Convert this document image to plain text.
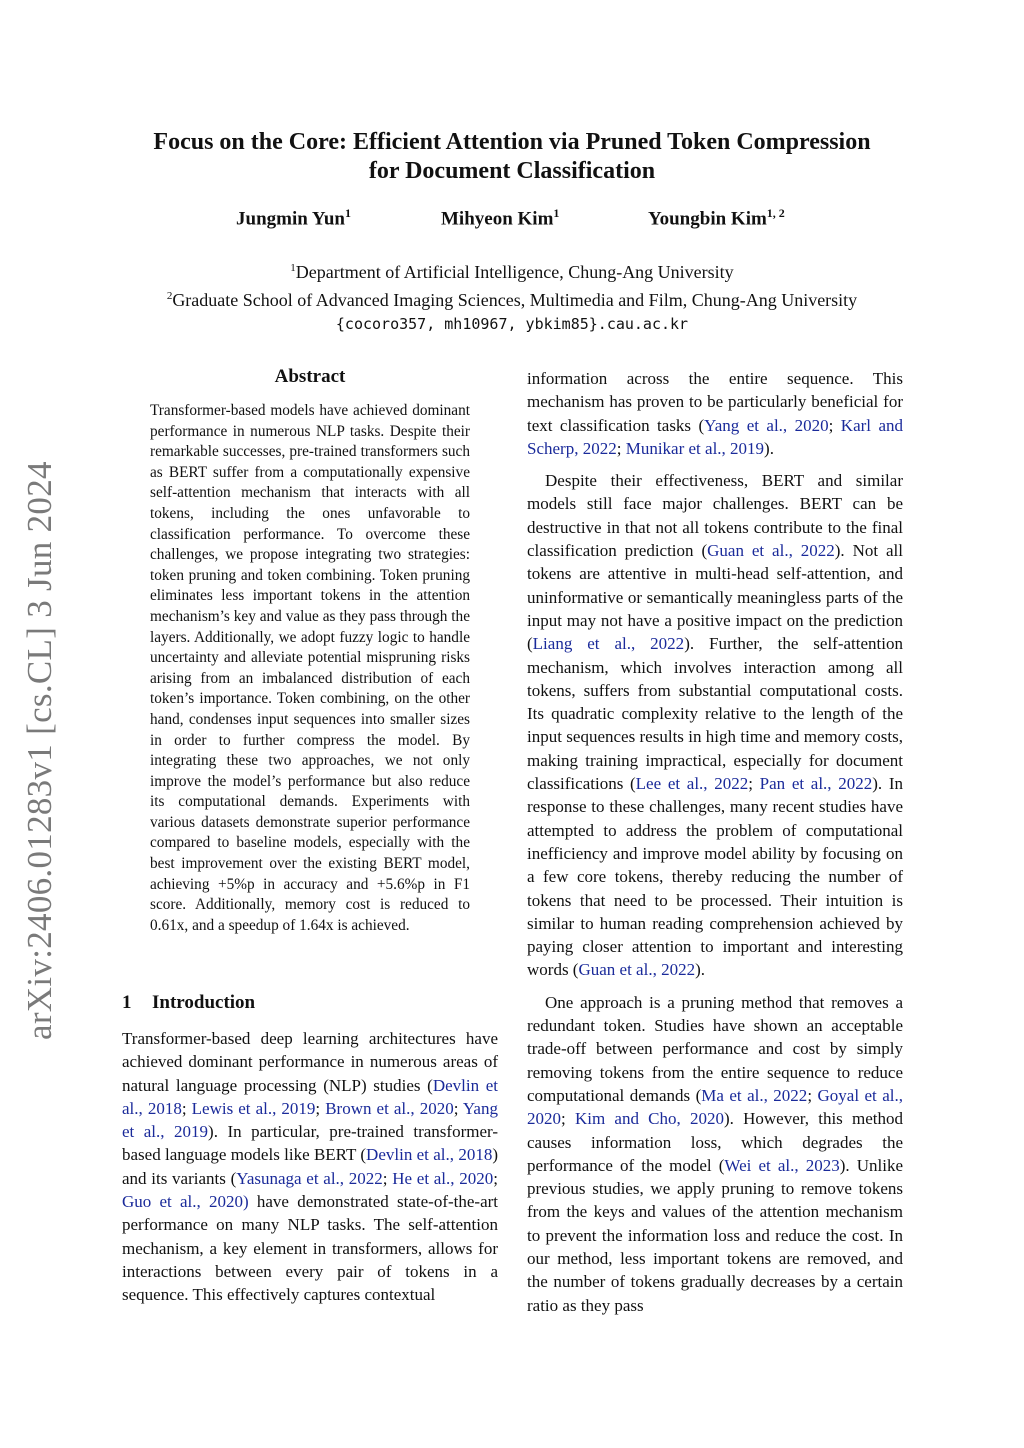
arXiv:2406.01283v1 [cs.CL] 3 Jun 2024
Focus on the Core: Efficient Attention via Pruned Token Compression
for Document Classification
Jungmin Yun$^1$	Mihyeon Kim$^1$	Youngbin Kim$^{1, 2}$
$^1$Department of Artificial Intelligence, Chung-Ang University
$^2$Graduate School of Advanced Imaging Sciences, Multimedia and Film, Chung-Ang University
{cocoro357, mh10967, ybkim85}.cau.ac.kr
Abstract

Transformer-based models have achieved dominant performance in numerous NLP tasks. Despite their remarkable successes, pre-trained transformers such as BERT suffer from a computationally expensive self-attention mechanism that interacts with all tokens, including the ones unfavorable to classification performance. To overcome these challenges, we propose integrating two strategies: token pruning and token combining. Token pruning eliminates less important tokens in the attention mechanism’s key and value as they pass through the layers. Additionally, we adopt fuzzy logic to handle uncertainty and alleviate potential mispruning risks arising from an imbalanced distribution of each token’s importance. Token combining, on the other hand, condenses input sequences into smaller sizes in order to further compress the model. By integrating these two approaches, we not only improve the model’s performance but also reduce its computational demands. Experiments with various datasets demonstrate superior performance compared to baseline models, especially with the best improvement over the existing BERT model, achieving +5%p in accuracy and +5.6%p in F1 score. Additionally, memory cost is reduced to 0.61x, and a speedup of 1.64x is achieved.

1 Introduction

Transformer-based deep learning architectures have achieved dominant performance in numerous areas of natural language processing (NLP) studies (Devlin et al., 2018; Lewis et al., 2019; Brown et al., 2020; Yang et al., 2019). In particular, pre-trained transformer-based language models like BERT (Devlin et al., 2018) and its variants (Yasunaga et al., 2022; He et al., 2020; Guo et al., 2020) have demonstrated state-of-the-art performance on many NLP tasks. The self-attention mechanism, a key element in transformers, allows for interactions between every pair of tokens in a sequence. This effectively captures contextual

information across the entire sequence. This mechanism has proven to be particularly beneficial for text classification tasks (Yang et al., 2020; Karl and Scherp, 2022; Munikar et al., 2019).

Despite their effectiveness, BERT and similar models still face major challenges. BERT can be destructive in that not all tokens contribute to the final classification prediction (Guan et al., 2022). Not all tokens are attentive in multi-head self-attention, and uninformative or semantically meaningless parts of the input may not have a positive impact on the prediction (Liang et al., 2022). Further, the self-attention mechanism, which involves interaction among all tokens, suffers from substantial computational costs. Its quadratic complexity relative to the length of the input sequences results in high time and memory costs, making training impractical, especially for document classifications (Lee et al., 2022; Pan et al., 2022). In response to these challenges, many recent studies have attempted to address the problem of computational inefficiency and improve model ability by focusing on a few core tokens, thereby reducing the number of tokens that need to be processed. Their intuition is similar to human reading comprehension achieved by paying closer attention to important and interesting words (Guan et al., 2022).

One approach is a pruning method that removes a redundant token. Studies have shown an acceptable trade-off between performance and cost by simply removing tokens from the entire sequence to reduce computational demands (Ma et al., 2022; Goyal et al., 2020; Kim and Cho, 2020). However, this method causes information loss, which degrades the performance of the model (Wei et al., 2023). Unlike previous studies, we apply pruning to remove tokens from the keys and values of the attention mechanism to prevent the information loss and reduce the cost. In our method, less important tokens are removed, and the number of tokens gradually decreases by a certain ratio as they pass
